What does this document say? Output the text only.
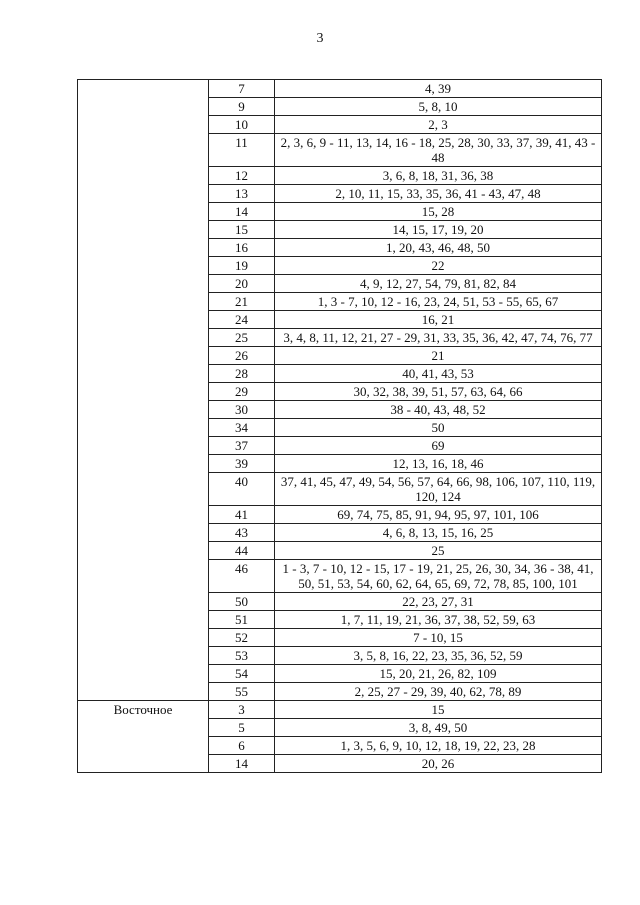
3
	7	4, 39
	9	5, 8, 10
	10	2, 3
	11	2, 3, 6, 9 - 11, 13, 14, 16 - 18, 25, 28, 30, 33, 37, 39, 41, 43 - 48
	12	3, 6, 8, 18, 31, 36, 38
	13	2, 10, 11, 15, 33, 35, 36, 41 - 43, 47, 48
	14	15, 28
	15	14, 15, 17, 19, 20
	16	1, 20, 43, 46, 48, 50
	19	22
	20	4, 9, 12, 27, 54, 79, 81, 82, 84
	21	1, 3 - 7, 10, 12 - 16, 23, 24, 51, 53 - 55, 65, 67
	24	16, 21
	25	3, 4, 8, 11, 12, 21, 27 - 29, 31, 33, 35, 36, 42, 47, 74, 76, 77
	26	21
	28	40, 41, 43, 53
	29	30, 32, 38, 39, 51, 57, 63, 64, 66
	30	38 - 40, 43, 48, 52
	34	50
	37	69
	39	12, 13, 16, 18, 46
	40	37, 41, 45, 47, 49, 54, 56, 57, 64, 66, 98, 106, 107, 110, 119, 120, 124
	41	69, 74, 75, 85, 91, 94, 95, 97, 101, 106
	43	4, 6, 8, 13, 15, 16, 25
	44	25
	46	1 - 3, 7 - 10, 12 - 15, 17 - 19, 21, 25, 26, 30, 34, 36 - 38, 41, 50, 51, 53, 54, 60, 62, 64, 65, 69, 72, 78, 85, 100, 101
	50	22, 23, 27, 31
	51	1, 7, 11, 19, 21, 36, 37, 38, 52, 59, 63
	52	7 - 10, 15
	53	3, 5, 8, 16, 22, 23, 35, 36, 52, 59
	54	15, 20, 21, 26, 82, 109
	55	2, 25, 27 - 29, 39, 40, 62, 78, 89
Восточное	3	15
	5	3, 8, 49, 50
	6	1, 3, 5, 6, 9, 10, 12, 18, 19, 22, 23, 28
	14	20, 26
